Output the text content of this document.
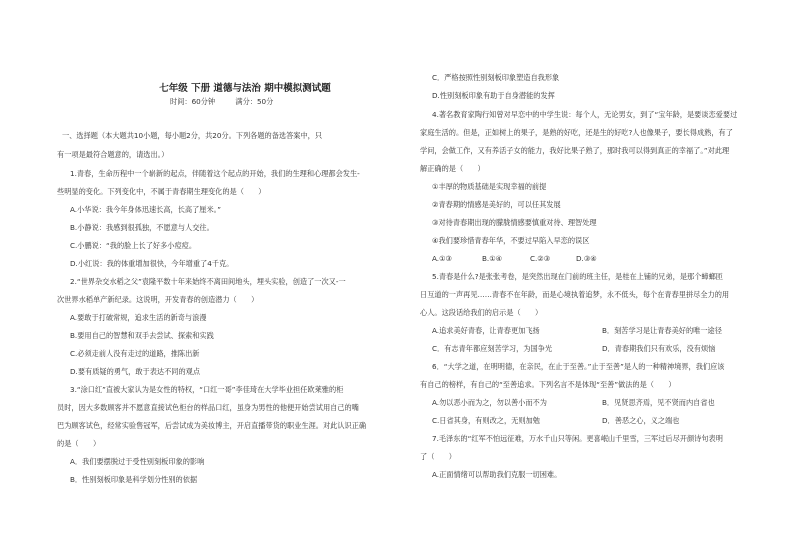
七年级 下册 道德与法治 期中模拟测试题
时间：60分钟	满分：50分
一、选择题（本大题共10小题，每小题2分，共20分。下列各题的备选答案中，只
有一项是最符合题意的，请选出。）
1.青春，生命历程中一个崭新的起点，伴随着这个起点的开始，我们的生理和心理都会发生-
些明显的变化。下列变化中，不属于青春期生理变化的是（　　）
A.小华说：我今年身体迅速长高，长高了厘米。”
B.小静说：我感到很孤独，不愿意与人交往。
C.小鹏说：“我的脸上长了好多小痘痘。
D.小红说：我的体重增加很快，今年增重了4千克。
2.“世界杂交水稻之父”袁隆平数十年来始终不离田间地头，埋头实验，创造了一次又-一
次世界水稻单产新纪录。这说明，开发青春的创造潜力（　　）
A.要敢于打破常规，追求生活的新奇与浪漫
B.要用自己的智慧和双手去尝试、探索和实践
C.必须走前人没有走过的道路，推陈出新
D.要有质疑的勇气，敢于表达不同的观点
3.“涂口红”直被大家认为是女性的特权，“口红一哥”李佳琦在大学毕业担任欧莱雅的柜
员时，因大多数顾客并不愿意直接试色柜台的样品口红，虽身为男性的他便开始尝试用自己的嘴
巴为顾客试色，经常实验售冠军，后尝试成为美妆博主，开启直播带货的职业生涯。对此认识正确
的是（　　）
A．我们要摆脱过于受性别刻板印象的影响
B．性别刻板印象是科学划分性别的依据
C．严格按照性别刻板印象塑造自我形象
D.性别刻板印象有助于自身潜能的发挥
4.著名教育家陶行知曾对早恋中的中学生说：每个人，无论男女，到了“宝年龄，是要谈恋爱要过
家庭生活的。但是，正如树上的果子，是熟的好吃，还是生的好吃?人也像果子，要长得成熟，有了
学问，会做工作，又有养活子女的能力，我好比果子熟了，那时我可以得到真正的幸福了。”对此理
解正确的是（　　）
①丰厚的物质基础是实现幸福的前提
②青春期的情感是美好的，可以任其发展
③对待青春期出现的朦胧情感要慎重对待、理智处理
④我们要珍惜青春年华，不要过早陷入早恋的误区
A.①③	B.①④	C.②③	D.③④
5.青春是什么?是张张考卷，是突然出现在门前的班主任，是桂在上铺的兄弟，是那个蟑螂匝
日互道的一声再见……青春不在年龄，而是心境执着追梦，永不低头，每个在青春里拼尽全力的用
心人。这段话给我们的启示是（　　）
A.追求美好青春，让青春更加飞扬	B．刻苦学习是让青春美好的唯一途径
C．有志青年都应刻苦学习，为国争光	D．青春期我们只有欢乐，没有烦恼
6．“大学之道，在明明德，在亲民，在止于至善。”止于至善”是人的一种精神境界，我们应该
有自己的榜样，有自己的“至善追求。下列名言不是体现“至善”做法的是（　　）
A.勿以恶小而为之，勿以善小而不为	B．见贤思齐焉，见不贤而内自省也
C.日省其身，有则改之，无则加勉	D．善恶之心，义之端也
7.毛泽东的“红军不怕远征难，万水千山只等闲。更喜岷山千里雪，三军过后尽开颜诗句表明
了（　　）
A.正面情绪可以帮助我们克服一切困难。
